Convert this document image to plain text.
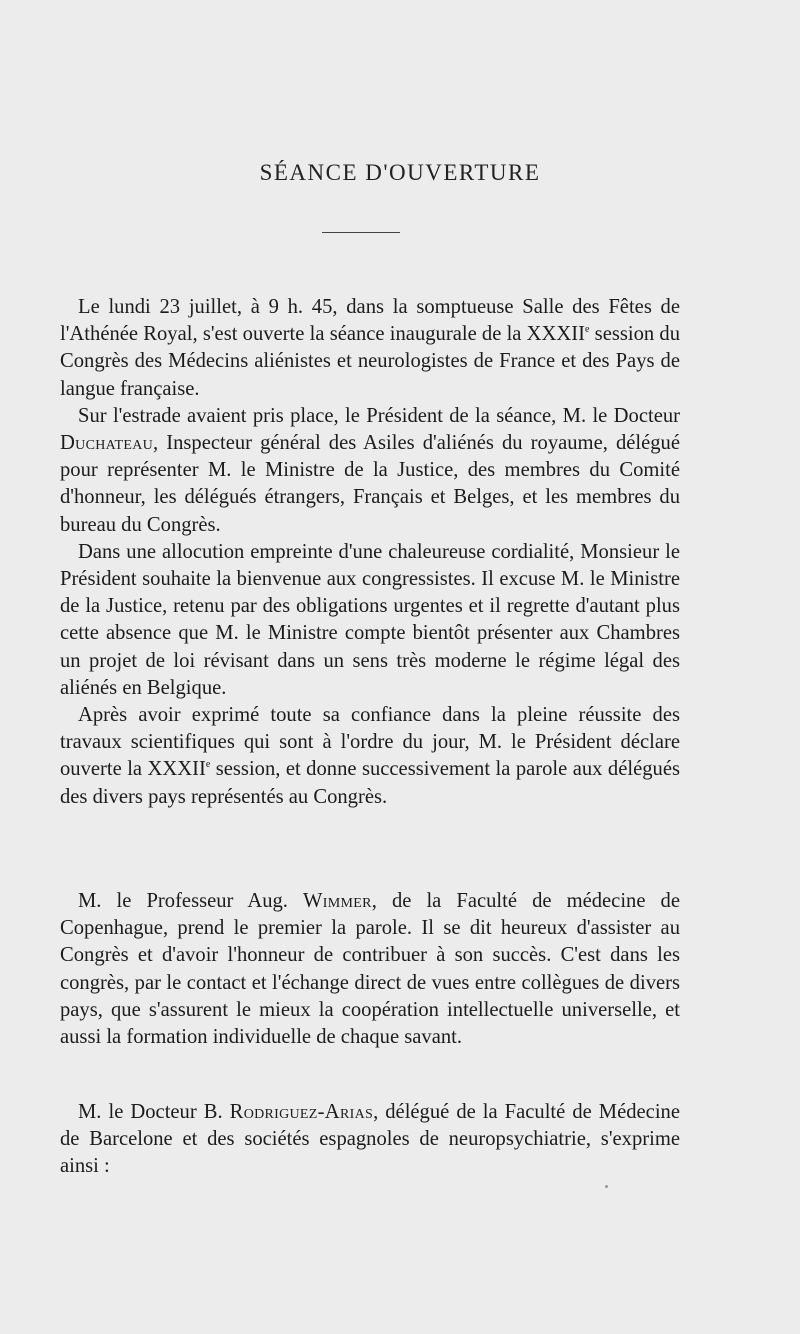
SÉANCE D'OUVERTURE

Le lundi 23 juillet, à 9 h. 45, dans la somptueuse Salle des Fêtes de l'Athénée Royal, s'est ouverte la séance inaugurale de la XXXIIe session du Congrès des Médecins aliénistes et neurologistes de France et des Pays de langue française.

Sur l'estrade avaient pris place, le Président de la séance, M. le Docteur Duchateau, Inspecteur général des Asiles d'aliénés du royaume, délégué pour représenter M. le Ministre de la Justice, des membres du Comité d'honneur, les délégués étrangers, Français et Belges, et les membres du bureau du Congrès.

Dans une allocution empreinte d'une chaleureuse cordialité, Monsieur le Président souhaite la bienvenue aux congressistes. Il excuse M. le Ministre de la Justice, retenu par des obligations urgentes et il regrette d'autant plus cette absence que M. le Ministre compte bientôt présenter aux Chambres un projet de loi révisant dans un sens très moderne le régime légal des aliénés en Belgique.

Après avoir exprimé toute sa confiance dans la pleine réussite des travaux scientifiques qui sont à l'ordre du jour, M. le Président déclare ouverte la XXXIIe session, et donne successivement la parole aux délégués des divers pays représentés au Congrès.

M. le Professeur Aug. Wimmer, de la Faculté de médecine de Copenhague, prend le premier la parole. Il se dit heureux d'assister au Congrès et d'avoir l'honneur de contribuer à son succès. C'est dans les congrès, par le contact et l'échange direct de vues entre collègues de divers pays, que s'assurent le mieux la coopération intellectuelle universelle, et aussi la formation individuelle de chaque savant.

M. le Docteur B. Rodriguez-Arias, délégué de la Faculté de Médecine de Barcelone et des sociétés espagnoles de neuropsychiatrie, s'exprime ainsi :
